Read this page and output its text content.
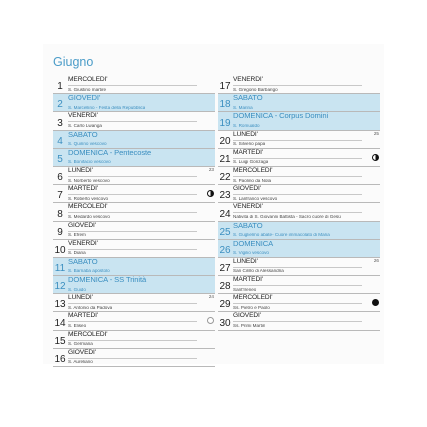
Giugno
1
MERCOLEDI'
S. Giustino martire
2
GIOVEDI'
S. Marcellino - Festa della Repubblica
3
VENERDI'
S. Carlo Lwanga
4
SABATO
S. Quirino vescovo
5
DOMENICA - Pentecoste
S. Bonifacio vescovo
6
LUNEDI'
S. Norberto vescovo
23
7
MARTEDI'
S. Roberto vescovo
8
MERCOLEDI'
S. Medardo vescovo
9
GIOVEDI'
S. Efrem
10
VENERDI'
S. Diana
11
SABATO
S. Barnaba apostolo
12
DOMENICA - SS Trinità
S. Guido
13
LUNEDI'
S. Antonio da Padova
24
14
MARTEDI'
S. Eliseo
15
MERCOLEDI'
S. Germana
16
GIOVEDI'
S. Aureliano
17
VENERDI'
S. Gregorio Barbarigo
18
SABATO
S. Marina
19
DOMENICA - Corpus Domini
S. Romualdo
20
LUNEDI'
S. Silverio papa
25
21
MARTEDI'
S. Luigi Gonzaga
22
MERCOLEDI'
S. Paolino da Nola
23
GIOVEDI'
S. Lanfranco vescovo
24
VENERDI'
Natività di S. Giovanni Battista - Sacro cuore di Gesù
25
SABATO
S. Guglielmo abate- Cuore immacolato di Maria
26
DOMENICA
S. Vigilio vescovo
27
LUNEDI'
San Cirillo di Alessandria
26
28
MARTEDI'
Sant'Ireneo
29
MERCOLEDI'
Ss. Pietro e Paolo
30
GIOVEDI'
Ss. Primi Martiri
